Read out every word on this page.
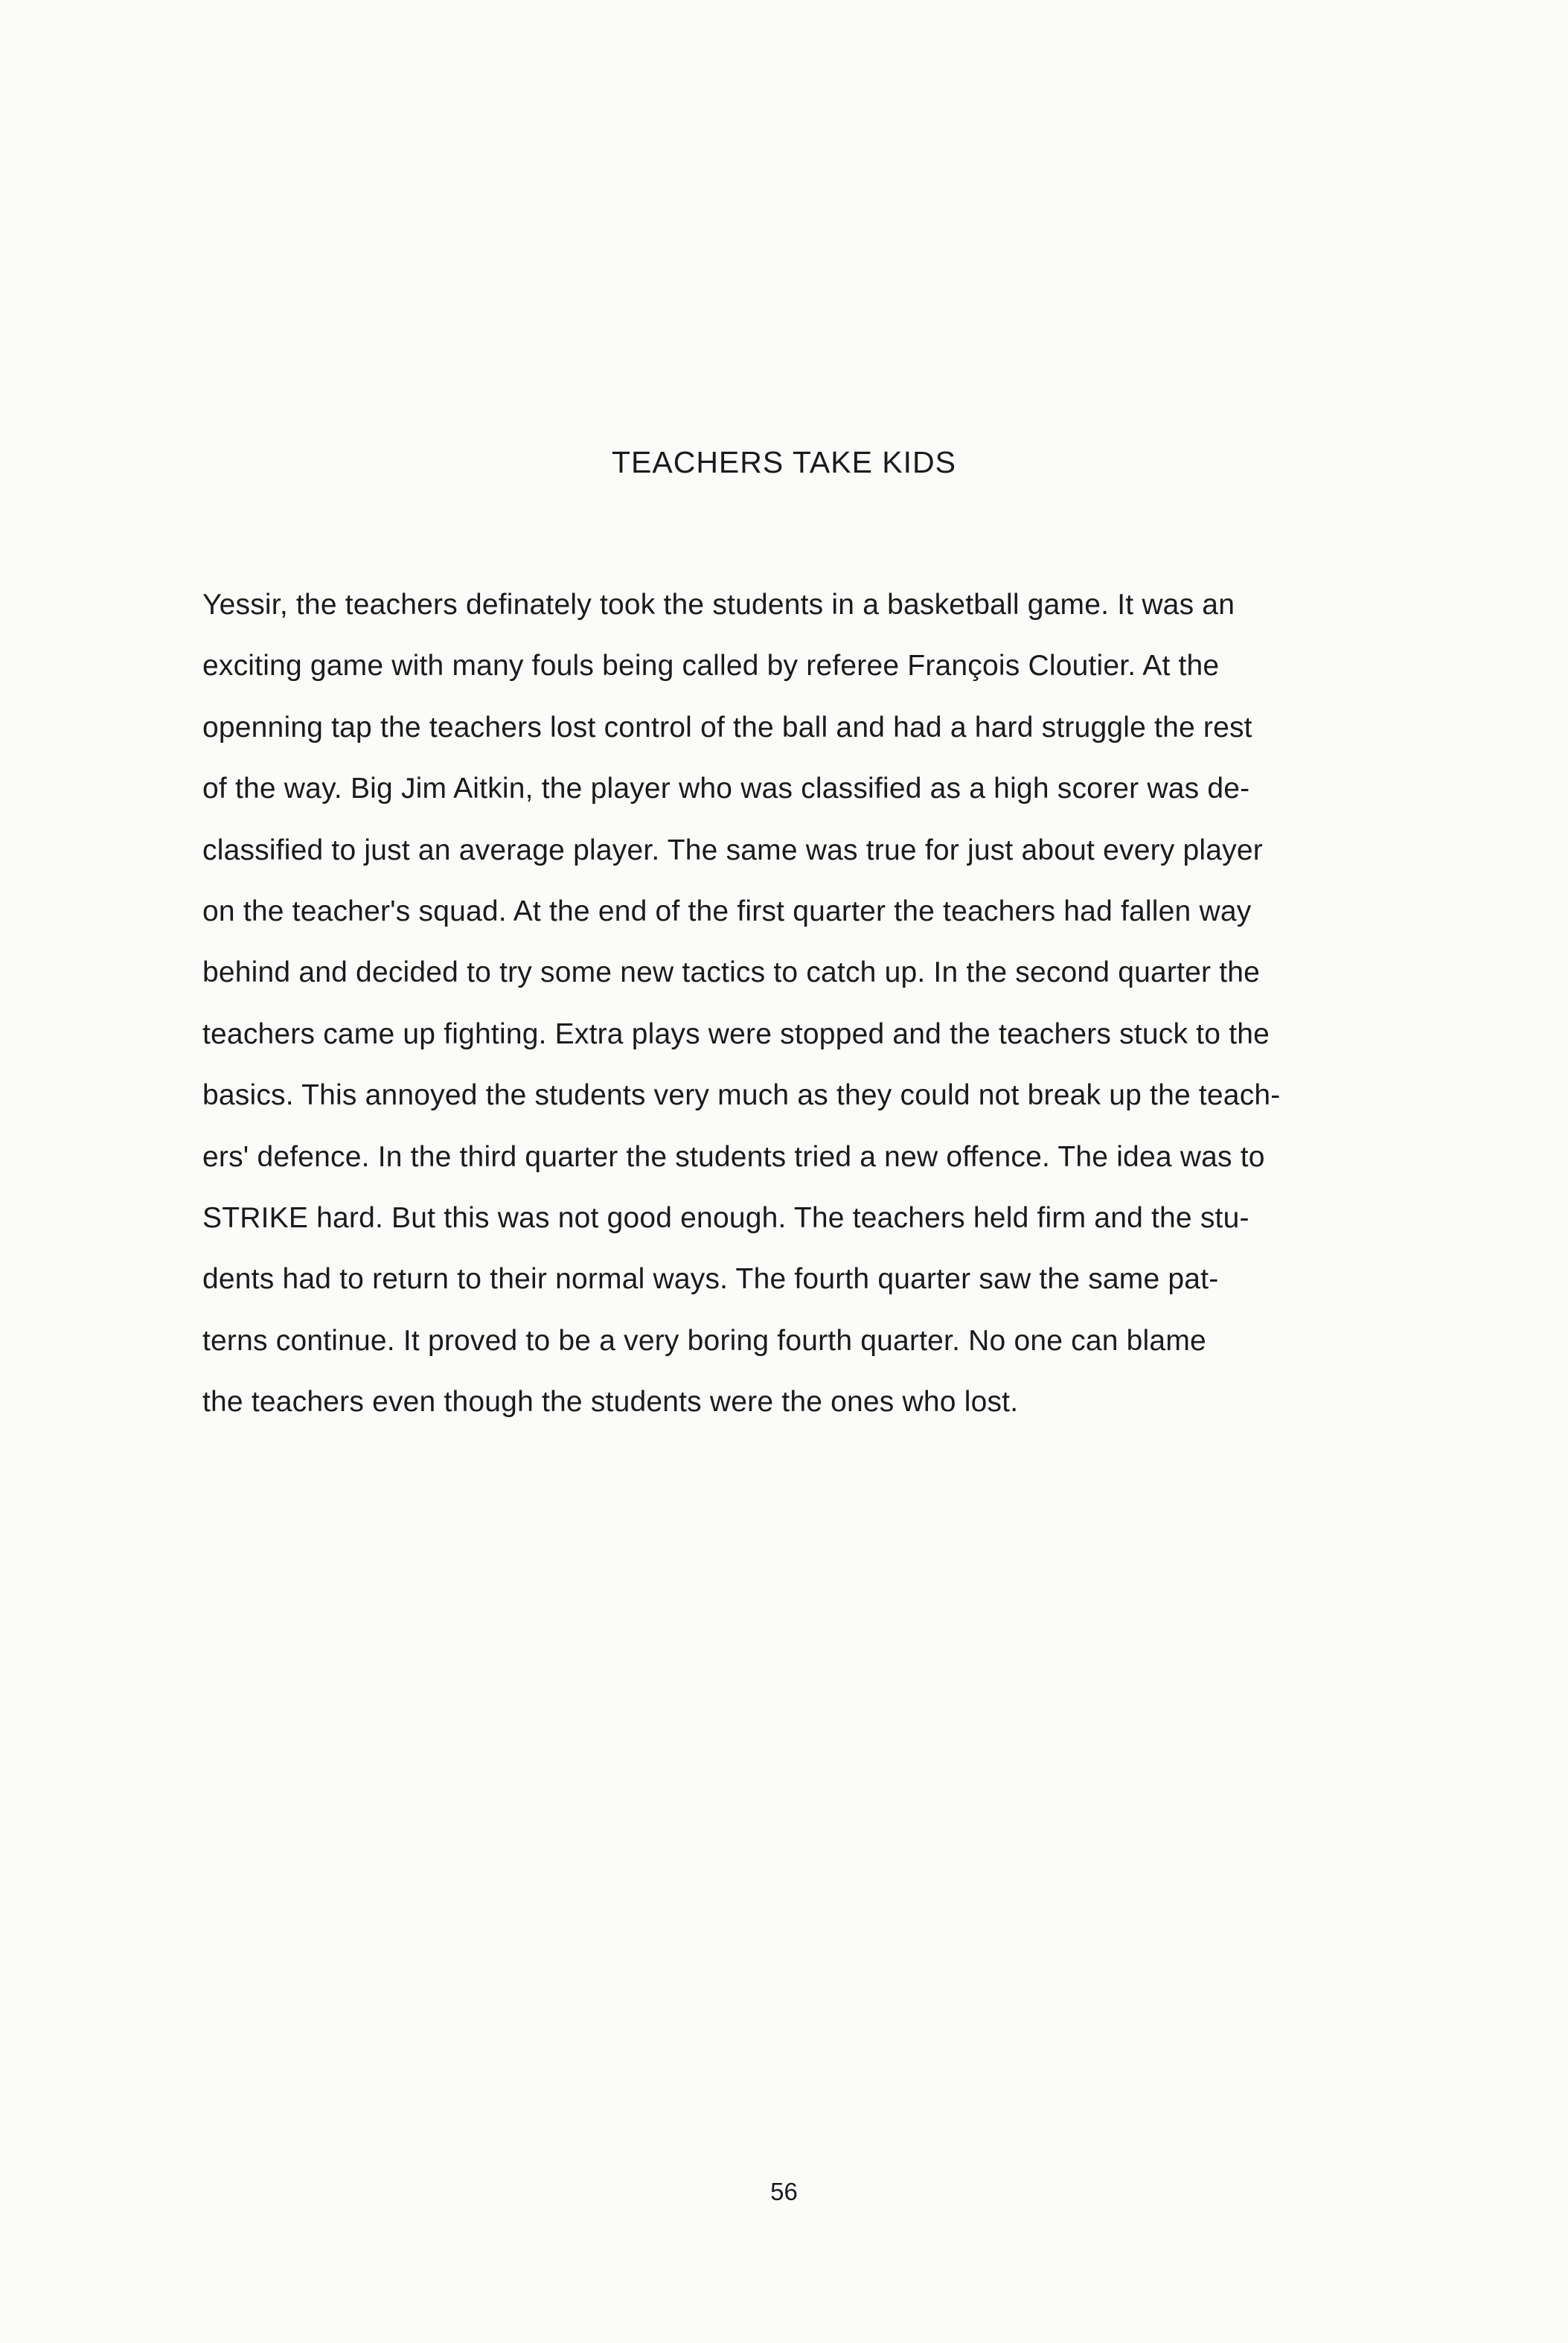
TEACHERS TAKE KIDS
Yessir, the teachers definately took the students in a basketball game. It was an
exciting game with many fouls being called by referee François Cloutier. At the
openning tap the teachers lost control of the ball and had a hard struggle the rest
of the way. Big Jim Aitkin, the player who was classified as a high scorer was de-
classified to just an average player. The same was true for just about every player
on the teacher's squad. At the end of the first quarter the teachers had fallen way
behind and decided to try some new tactics to catch up. In the second quarter the
teachers came up fighting. Extra plays were stopped and the teachers stuck to the
basics. This annoyed the students very much as they could not break up the teach-
ers' defence. In the third quarter the students tried a new offence. The idea was to
STRIKE hard. But this was not good enough. The teachers held firm and the stu-
dents had to return to their normal ways. The fourth quarter saw the same pat-
terns continue. It proved to be a very boring fourth quarter. No one can blame
the teachers even though the students were the ones who lost.
56
